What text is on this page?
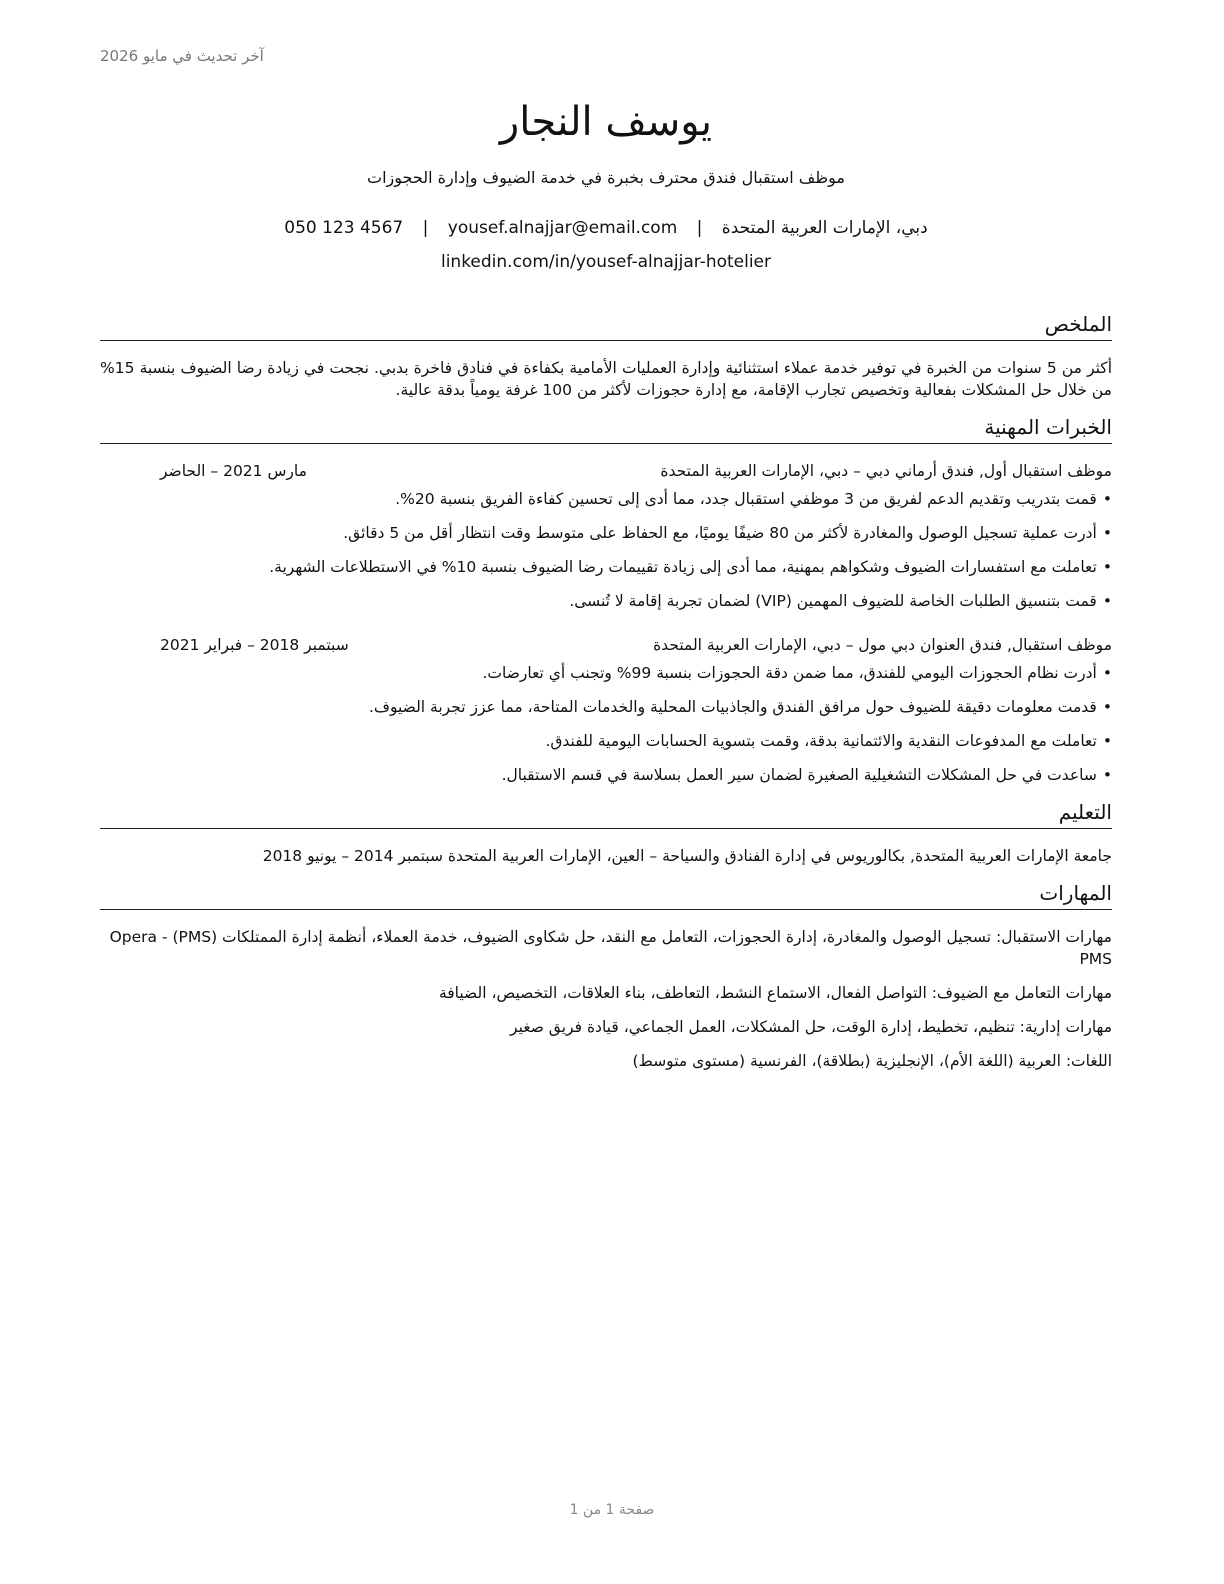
آخر تحديث في مايو 2026
يوسف النجار
موظف استقبال فندق محترف بخبرة في خدمة الضيوف وإدارة الحجوزات
دبي، الإمارات العربية المتحدة | yousef.alnajjar@email.com | 050 123 4567
linkedin.com/in/yousef-alnajjar-hotelier
الملخص
أكثر من 5 سنوات من الخبرة في توفير خدمة عملاء استثنائية وإدارة العمليات الأمامية بكفاءة في فنادق فاخرة بدبي. نجحت في زيادة رضا الضيوف بنسبة 15% من خلال حل المشكلات بفعالية وتخصيص تجارب الإقامة، مع إدارة حجوزات لأكثر من 100 غرفة يومياً بدقة عالية.
الخبرات المهنية
موظف استقبال أول, فندق أرماني دبي – دبي، الإمارات العربية المتحدة
مارس 2021 – الحاضر
•قمت بتدريب وتقديم الدعم لفريق من 3 موظفي استقبال جدد، مما أدى إلى تحسين كفاءة الفريق بنسبة 20%.
•أدرت عملية تسجيل الوصول والمغادرة لأكثر من 80 ضيفًا يوميًا، مع الحفاظ على متوسط وقت انتظار أقل من 5 دقائق.
•تعاملت مع استفسارات الضيوف وشكواهم بمهنية، مما أدى إلى زيادة تقييمات رضا الضيوف بنسبة 10% في الاستطلاعات الشهرية.
•قمت بتنسيق الطلبات الخاصة للضيوف المهمين (VIP) لضمان تجربة إقامة لا تُنسى.
موظف استقبال, فندق العنوان دبي مول – دبي، الإمارات العربية المتحدة
سبتمبر 2018 – فبراير 2021
•أدرت نظام الحجوزات اليومي للفندق، مما ضمن دقة الحجوزات بنسبة 99% وتجنب أي تعارضات.
•قدمت معلومات دقيقة للضيوف حول مرافق الفندق والجاذبيات المحلية والخدمات المتاحة، مما عزز تجربة الضيوف.
•تعاملت مع المدفوعات النقدية والائتمانية بدقة، وقمت بتسوية الحسابات اليومية للفندق.
•ساعدت في حل المشكلات التشغيلية الصغيرة لضمان سير العمل بسلاسة في قسم الاستقبال.
التعليم
جامعة الإمارات العربية المتحدة, بكالوريوس في إدارة الفنادق والسياحة – العين، الإمارات العربية المتحدة سبتمبر 2014 – يونيو 2018
المهارات
مهارات الاستقبال: تسجيل الوصول والمغادرة، إدارة الحجوزات، التعامل مع النقد، حل شكاوى الضيوف، خدمة العملاء، أنظمة إدارة الممتلكات (PMS) - Opera PMS
مهارات التعامل مع الضيوف: التواصل الفعال، الاستماع النشط، التعاطف، بناء العلاقات، التخصيص، الضيافة
مهارات إدارية: تنظيم، تخطيط، إدارة الوقت، حل المشكلات، العمل الجماعي، قيادة فريق صغير
اللغات: العربية (اللغة الأم)، الإنجليزية (بطلاقة)، الفرنسية (مستوى متوسط)
صفحة 1 من 1
